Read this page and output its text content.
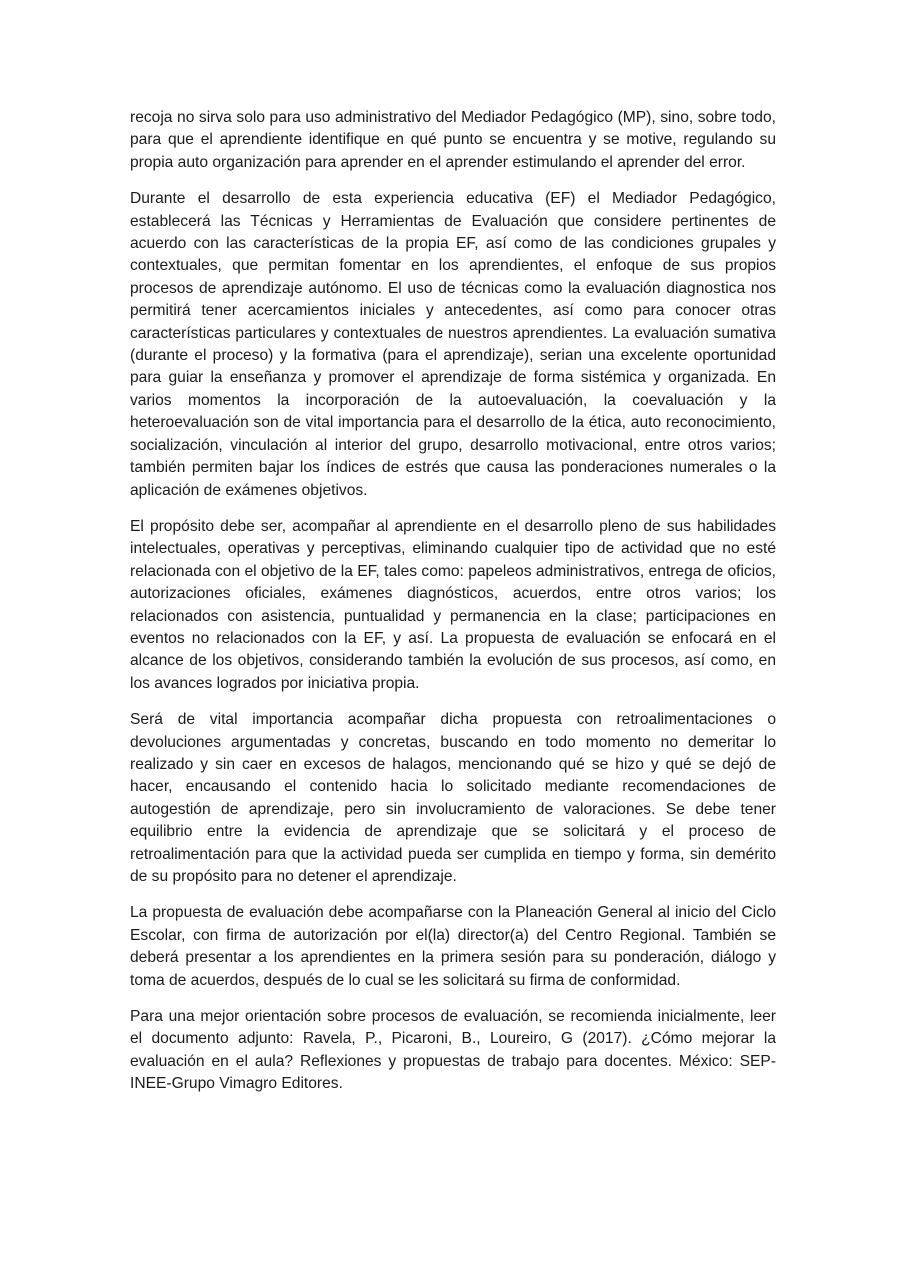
recoja no sirva solo para uso administrativo del Mediador Pedagógico (MP), sino, sobre todo, para que el aprendiente identifique en qué punto se encuentra y se motive, regulando su propia auto organización para aprender en el aprender estimulando el aprender del error.

Durante el desarrollo de esta experiencia educativa (EF) el Mediador Pedagógico, establecerá las Técnicas y Herramientas de Evaluación que considere pertinentes de acuerdo con las características de la propia EF, así como de las condiciones grupales y contextuales, que permitan fomentar en los aprendientes, el enfoque de sus propios procesos de aprendizaje autónomo. El uso de técnicas como la evaluación diagnostica nos permitirá tener acercamientos iniciales y antecedentes, así como para conocer otras características particulares y contextuales de nuestros aprendientes. La evaluación sumativa (durante el proceso) y la formativa (para el aprendizaje), serian una excelente oportunidad para guiar la enseñanza y promover el aprendizaje de forma sistémica y organizada. En varios momentos la incorporación de la autoevaluación, la coevaluación y la heteroevaluación son de vital importancia para el desarrollo de la ética, auto reconocimiento, socialización, vinculación al interior del grupo, desarrollo motivacional, entre otros varios; también permiten bajar los índices de estrés que causa las ponderaciones numerales o la aplicación de exámenes objetivos.

El propósito debe ser, acompañar al aprendiente en el desarrollo pleno de sus habilidades intelectuales, operativas y perceptivas, eliminando cualquier tipo de actividad que no esté relacionada con el objetivo de la EF, tales como: papeleos administrativos, entrega de oficios, autorizaciones oficiales, exámenes diagnósticos, acuerdos, entre otros varios; los relacionados con asistencia, puntualidad y permanencia en la clase; participaciones en eventos no relacionados con la EF, y así. La propuesta de evaluación se enfocará en el alcance de los objetivos, considerando también la evolución de sus procesos, así como, en los avances logrados por iniciativa propia.

Será de vital importancia acompañar dicha propuesta con retroalimentaciones o devoluciones argumentadas y concretas, buscando en todo momento no demeritar lo realizado y sin caer en excesos de halagos, mencionando qué se hizo y qué se dejó de hacer, encausando el contenido hacia lo solicitado mediante recomendaciones de autogestión de aprendizaje, pero sin involucramiento de valoraciones. Se debe tener equilibrio entre la evidencia de aprendizaje que se solicitará y el proceso de retroalimentación para que la actividad pueda ser cumplida en tiempo y forma, sin demérito de su propósito para no detener el aprendizaje.

La propuesta de evaluación debe acompañarse con la Planeación General al inicio del Ciclo Escolar, con firma de autorización por el(la) director(a) del Centro Regional. También se deberá presentar a los aprendientes en la primera sesión para su ponderación, diálogo y toma de acuerdos, después de lo cual se les solicitará su firma de conformidad.

Para una mejor orientación sobre procesos de evaluación, se recomienda inicialmente, leer el documento adjunto: Ravela, P., Picaroni, B., Loureiro, G (2017). ¿Cómo mejorar la evaluación en el aula? Reflexiones y propuestas de trabajo para docentes. México: SEP-INEE-Grupo Vimagro Editores.
